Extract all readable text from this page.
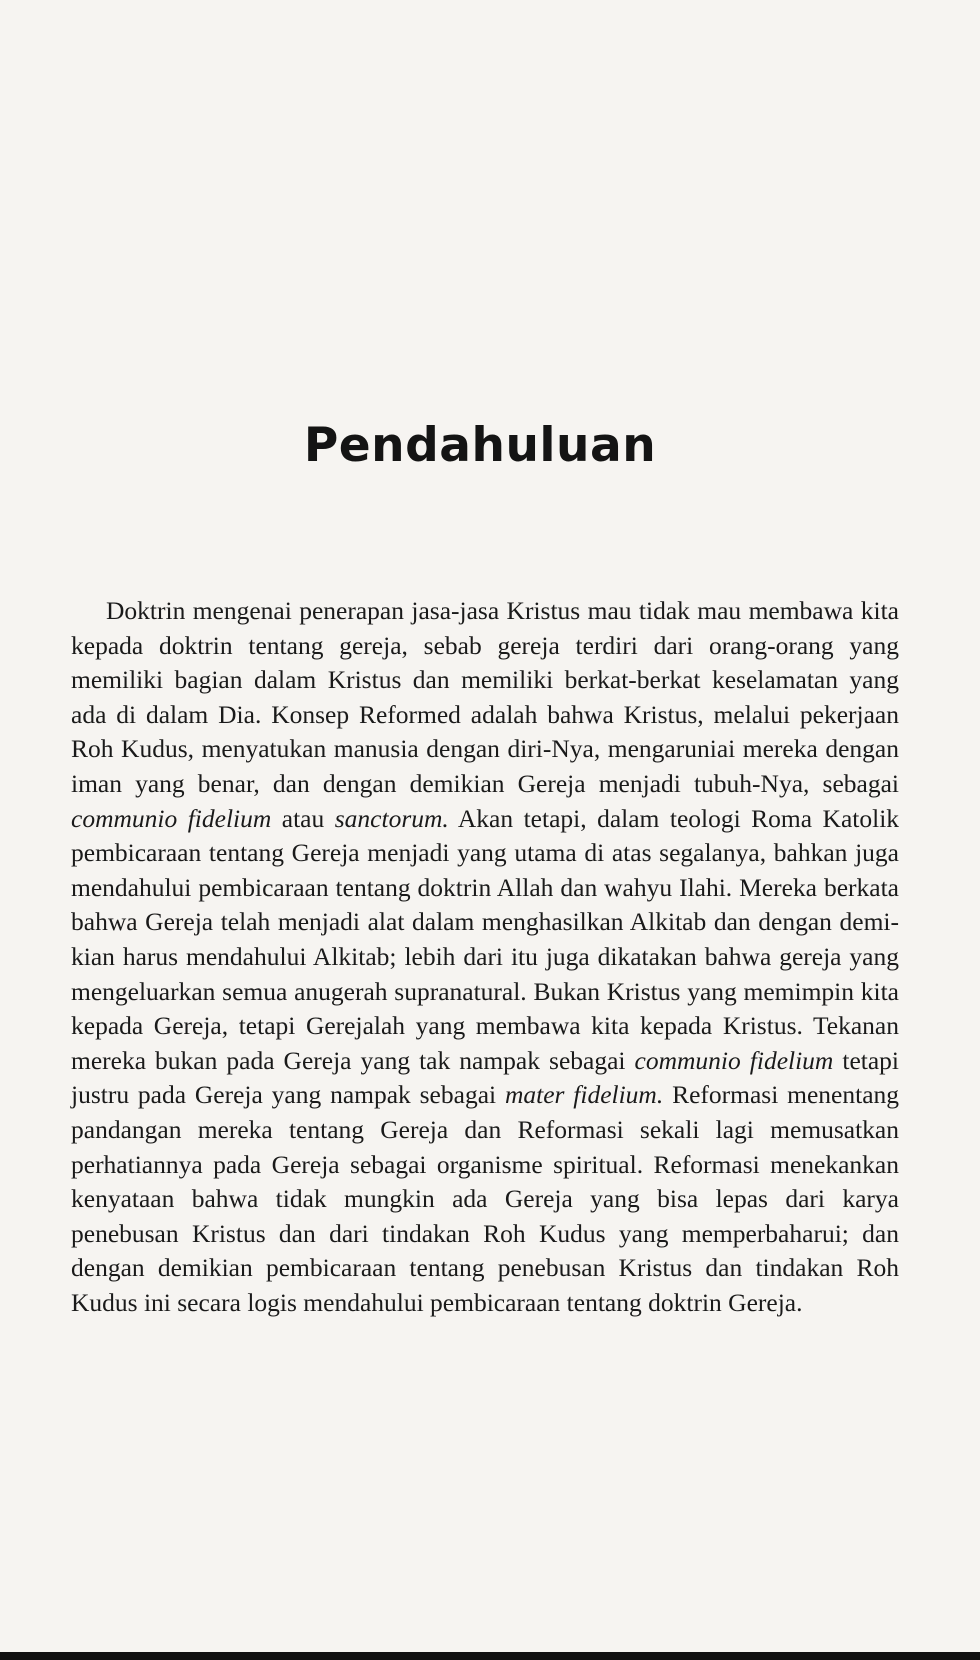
Pendahuluan

Doktrin mengenai penerapan jasa-jasa Kristus mau tidak mau membawa kita kepada doktrin tentang gereja, sebab gereja terdiri dari orang-orang yang memiliki bagian dalam Kristus dan memiliki berkat-berkat keselamatan yang ada di dalam Dia. Konsep Reformed adalah bahwa Kristus, melalui pekerjaan Roh Kudus, menyatukan manusia dengan diri-Nya, mengaruniai mereka dengan iman yang benar, dan dengan demikian Gereja menjadi tubuh-Nya, sebagai communio fidelium atau sanctorum. Akan tetapi, dalam teologi Roma Katolik pembicaraan tentang Gereja menjadi yang utama di atas segalanya, bahkan juga mendahului pembicaraan tentang doktrin Allah dan wahyu Ilahi. Mereka berkata bahwa Gereja telah menjadi alat dalam menghasilkan Alkitab dan dengan demikian harus mendahului Alkitab; lebih dari itu juga dikatakan bahwa gereja yang mengeluarkan semua anugerah supranatural. Bukan Kristus yang memimpin kita kepada Gereja, tetapi Gerejalah yang membawa kita kepada Kristus. Tekanan mereka bukan pada Gereja yang tak nampak sebagai communio fidelium tetapi justru pada Gereja yang nampak sebagai mater fidelium. Reformasi menentang pandangan mereka tentang Gereja dan Reformasi sekali lagi memusatkan perhatiannya pada Gereja sebagai organisme spiritual. Reformasi menekankan kenyataan bahwa tidak mungkin ada Gereja yang bisa lepas dari karya penebusan Kristus dan dari tindakan Roh Kudus yang memperbaharui; dan dengan demikian pembicaraan tentang penebusan Kristus dan tindakan Roh Kudus ini secara logis mendahului pembicaraan tentang doktrin Gereja.
